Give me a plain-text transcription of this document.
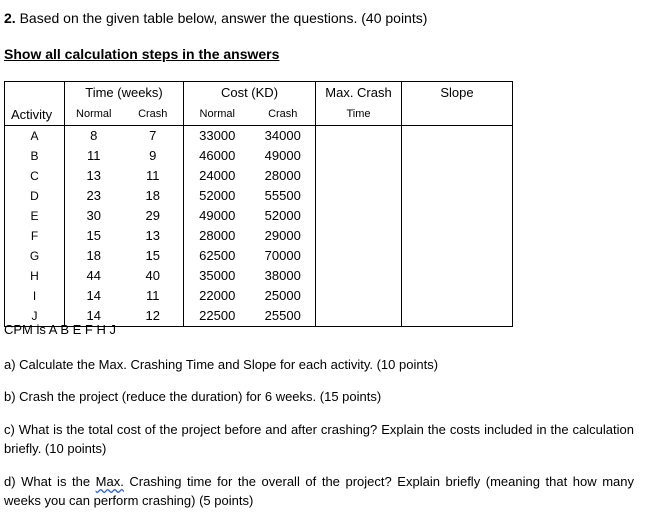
2. Based on the given table below, answer the questions. (40 points)
Show all calculation steps in the answers
	Time (weeks)		Cost (KD)		Max. Crash	Slope
Activity	Normal	Crash	Normal	Crash	Time	
A	8	7	33000	34000		
B	11	9	46000	49000		
C	13	11	24000	28000		
D	23	18	52000	55500		
E	30	29	49000	52000		
F	15	13	28000	29000		
G	18	15	62500	70000		
H	44	40	35000	38000		
I	14	11	22000	25000		
J	14	12	22500	25500		
CPM is A B E F H J
a) Calculate the Max. Crashing Time and Slope for each activity. (10 points)
b) Crash the project (reduce the duration) for 6 weeks. (15 points)
c) What is the total cost of the project before and after crashing? Explain the costs included in the calculation briefly. (10 points)
d) What is the Max. Crashing time for the overall of the project? Explain briefly (meaning that how many weeks you can perform crashing) (5 points)
